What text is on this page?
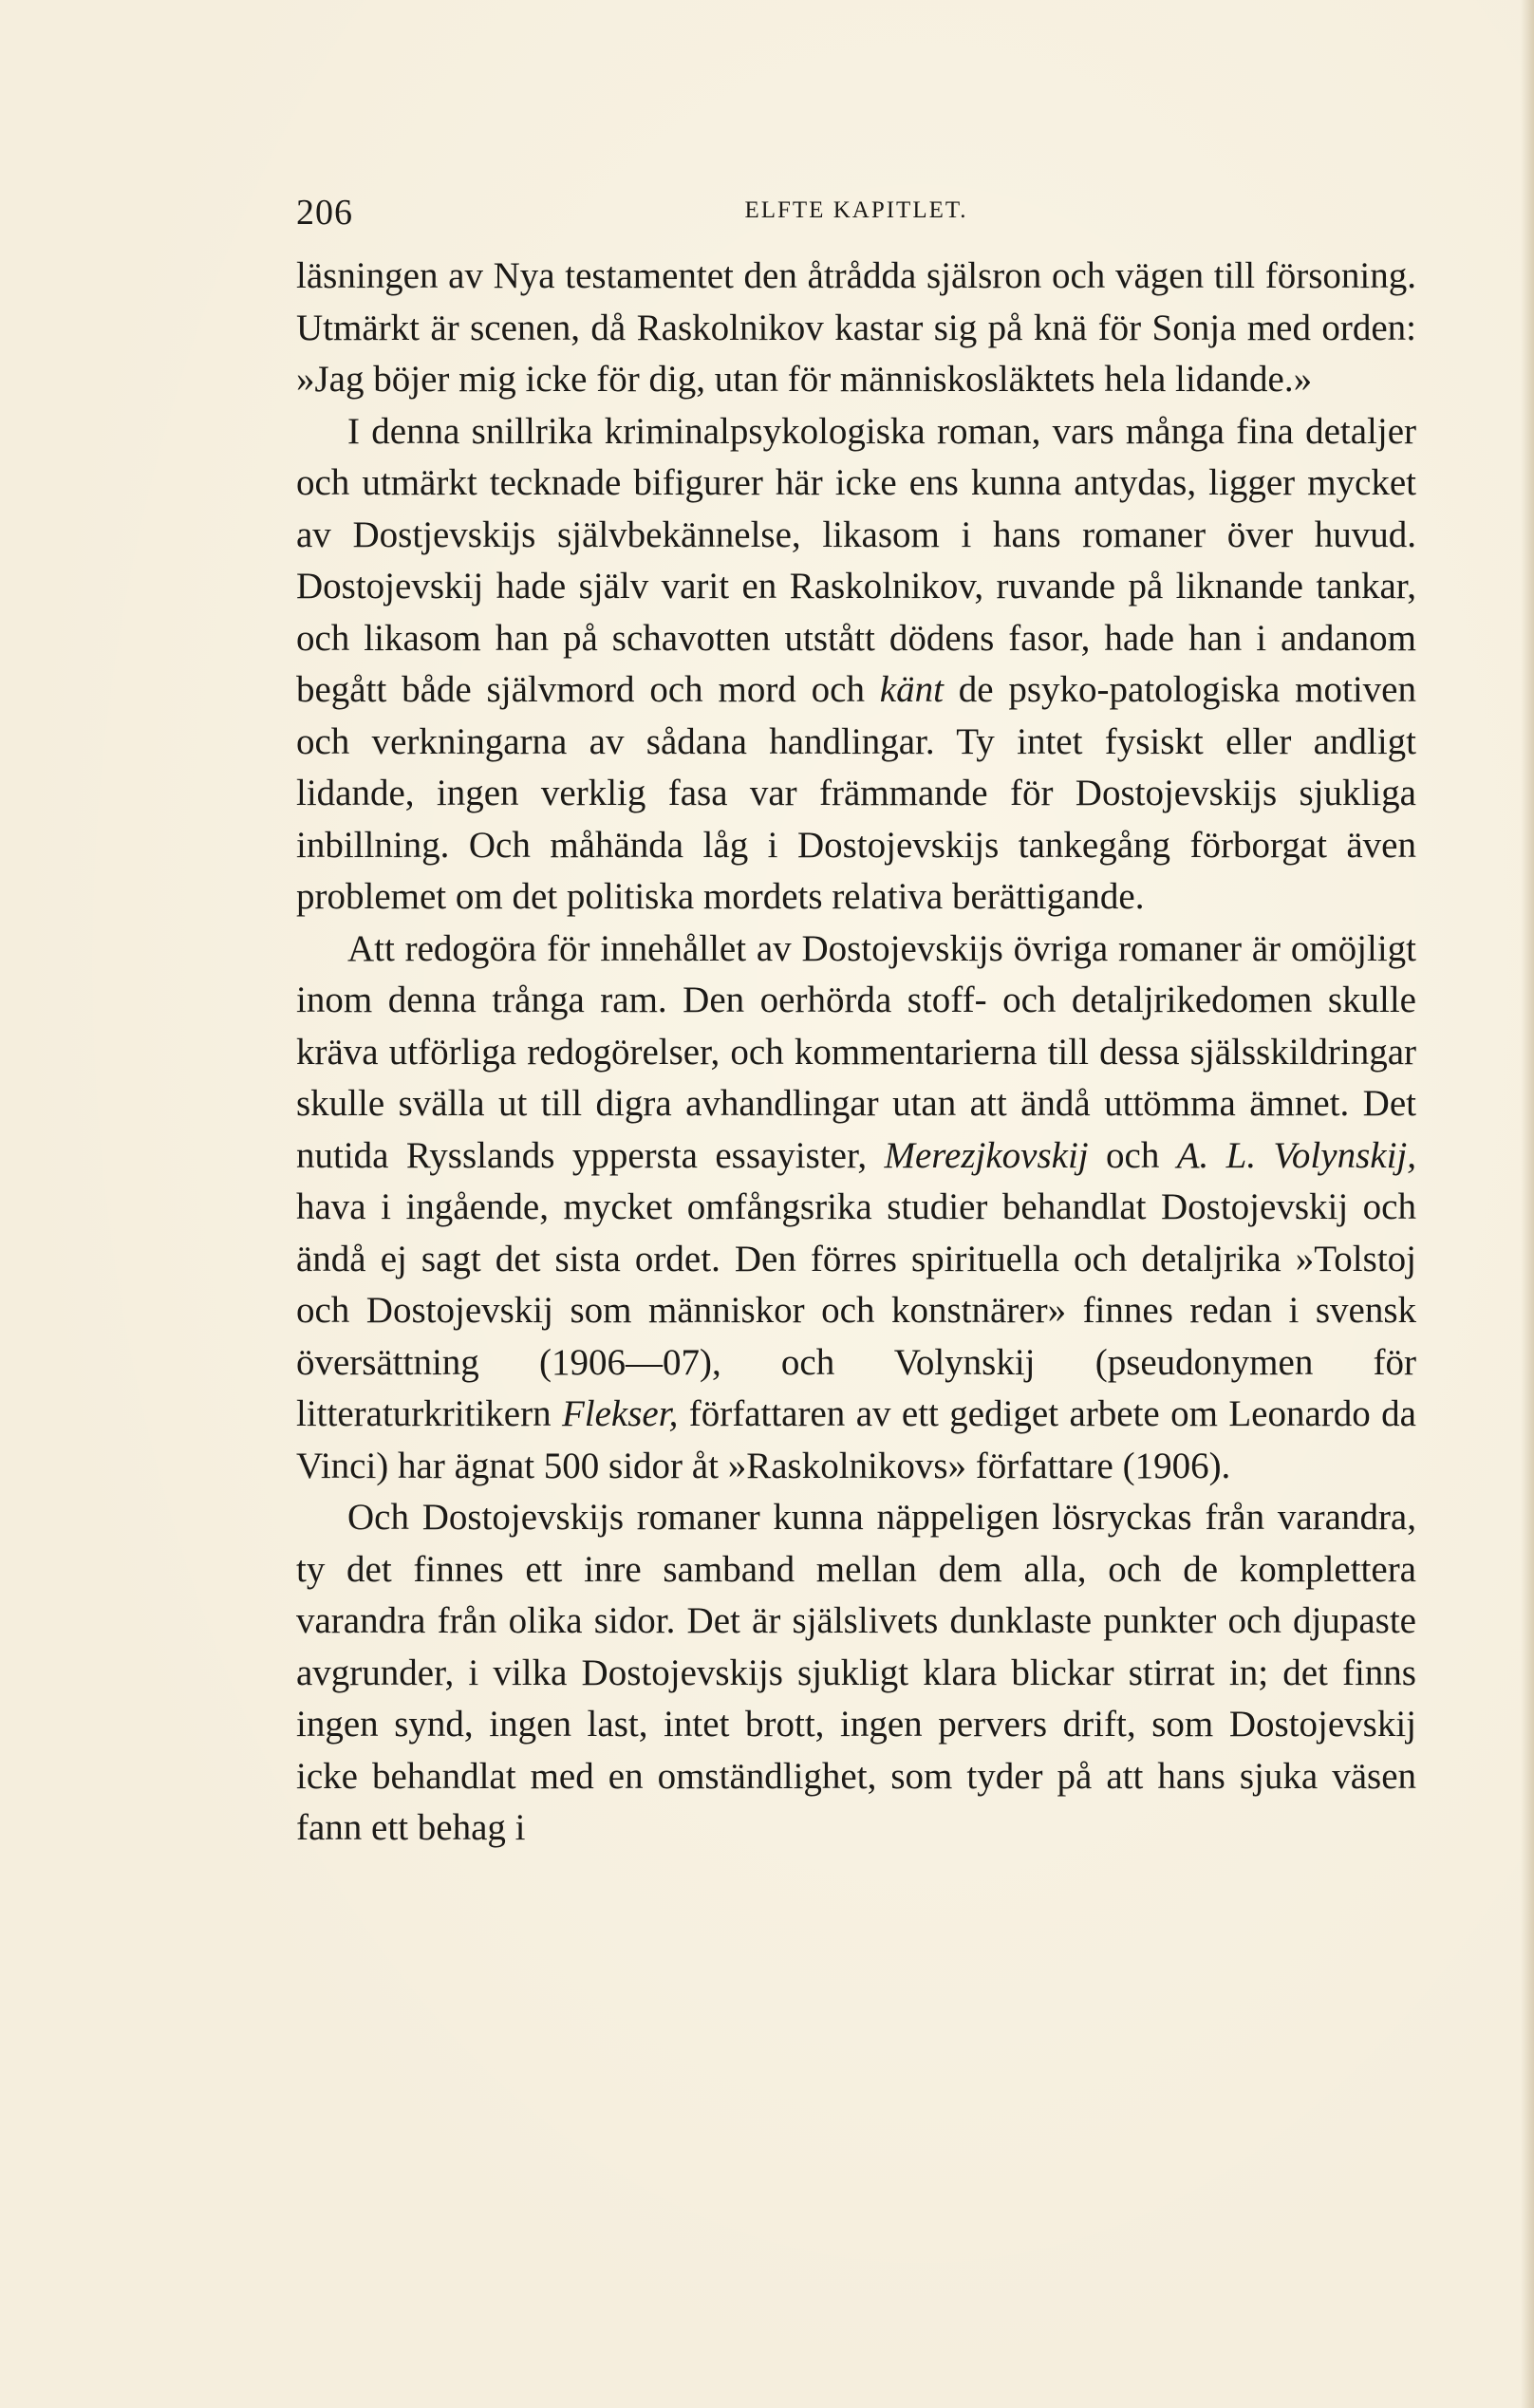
206	ELFTE KAPITLET.

läsningen av Nya testamentet den åtrådda själsron och vägen till försoning. Utmärkt är scenen, då Raskolnikov kastar sig på knä för Sonja med orden: »Jag böjer mig icke för dig, utan för människosläktets hela lidande.»

I denna snillrika kriminalpsykologiska roman, vars många fina detaljer och utmärkt tecknade bifigurer här icke ens kunna antydas, ligger mycket av Dostjevskijs självbekännelse, likasom i hans romaner över huvud. Dostojevskij hade själv varit en Raskolnikov, ruvande på liknande tankar, och likasom han på schavotten utstått dödens fasor, hade han i andanom begått både självmord och mord och känt de psyko-patologiska motiven och verkningarna av sådana handlingar. Ty intet fysiskt eller andligt lidande, ingen verklig fasa var främmande för Dostojevskijs sjukliga inbillning. Och måhända låg i Dostojevskijs tankegång förborgat även problemet om det politiska mordets relativa berättigande.

Att redogöra för innehållet av Dostojevskijs övriga romaner är omöjligt inom denna trånga ram. Den oerhörda stoff- och detaljrikedomen skulle kräva utförliga redogörelser, och kommentarierna till dessa själsskildringar skulle svälla ut till digra avhandlingar utan att ändå uttömma ämnet. Det nutida Rysslands yppersta essayister, Merezjkovskij och A. L. Volynskij, hava i ingående, mycket omfångsrika studier behandlat Dostojevskij och ändå ej sagt det sista ordet. Den förres spirituella och detaljrika »Tolstoj och Dostojevskij som människor och konstnärer» finnes redan i svensk översättning (1906—07), och Volynskij (pseudonymen för litteraturkritikern Flekser, författaren av ett gediget arbete om Leonardo da Vinci) har ägnat 500 sidor åt »Raskolnikovs» författare (1906).

Och Dostojevskijs romaner kunna näppeligen lösryckas från varandra, ty det finnes ett inre samband mellan dem alla, och de komplettera varandra från olika sidor. Det är själslivets dunklaste punkter och djupaste avgrunder, i vilka Dostojevskijs sjukligt klara blickar stirrat in; det finns ingen synd, ingen last, intet brott, ingen pervers drift, som Dostojevskij icke behandlat med en omständlighet, som tyder på att hans sjuka väsen fann ett behag i
